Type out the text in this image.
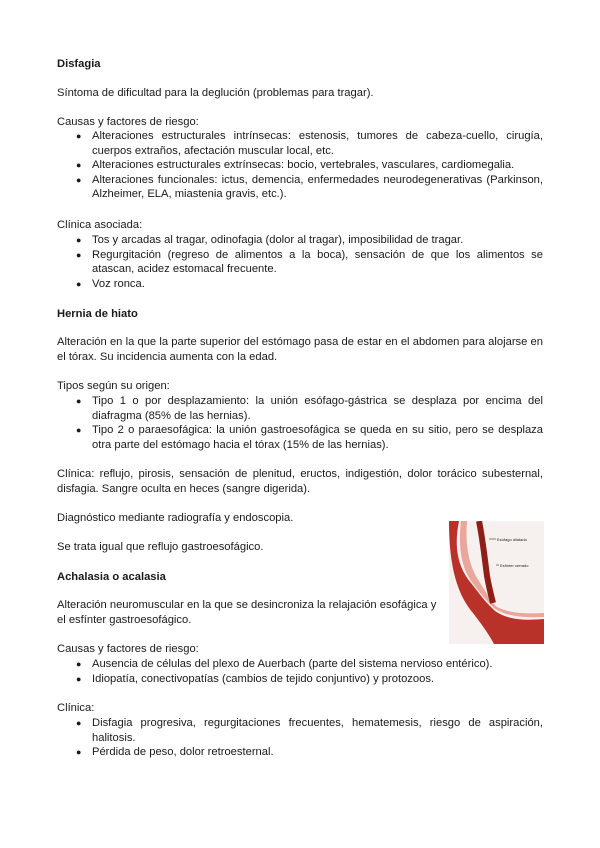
Disfagia
Síntoma de dificultad para la deglución (problemas para tragar).
Causas y factores de riesgo:
● Alteraciones estructurales intrínsecas: estenosis, tumores de cabeza-cuello, cirugía, cuerpos extraños, afectación muscular local, etc.
● Alteraciones estructurales extrínsecas: bocio, vertebrales, vasculares, cardiomegalia.
● Alteraciones funcionales: ictus, demencia, enfermedades neurodegenerativas (Parkinson, Alzheimer, ELA, miastenia gravis, etc.).
Clínica asociada:
● Tos y arcadas al tragar, odinofagia (dolor al tragar), imposibilidad de tragar.
● Regurgitación (regreso de alimentos a la boca), sensación de que los alimentos se atascan, acidez estomacal frecuente.
● Voz ronca.
Hernia de hiato
Alteración en la que la parte superior del estómago pasa de estar en el abdomen para alojarse en el tórax. Su incidencia aumenta con la edad.
Tipos según su origen:
● Tipo 1 o por desplazamiento: la unión esófago-gástrica se desplaza por encima del diafragma (85% de las hernias).
● Tipo 2 o paraesofágica: la unión gastroesofágica se queda en su sitio, pero se desplaza otra parte del estómago hacia el tórax (15% de las hernias).
Clínica: reflujo, pirosis, sensación de plenitud, eructos, indigestión, dolor torácico subesternal, disfagia. Sangre oculta en heces (sangre digerida).
Diagnóstico mediante radiografía y endoscopia.
Se trata igual que reflujo gastroesofágico.
Achalasia o acalasia
Alteración neuromuscular en la que se desincroniza la relajación esofágica y el esfínter gastroesofágico.
Causas y factores de riesgo:
● Ausencia de células del plexo de Auerbach (parte del sistema nervioso entérico).
● Idiopatía, conectivopatías (cambios de tejido conjuntivo) y protozoos.
Clínica:
● Disfagia progresiva, regurgitaciones frecuentes, hematemesis, riesgo de aspiración, halitosis.
● Pérdida de peso, dolor retroesternal.
Esófago dilatado
Esfínter cerrado
